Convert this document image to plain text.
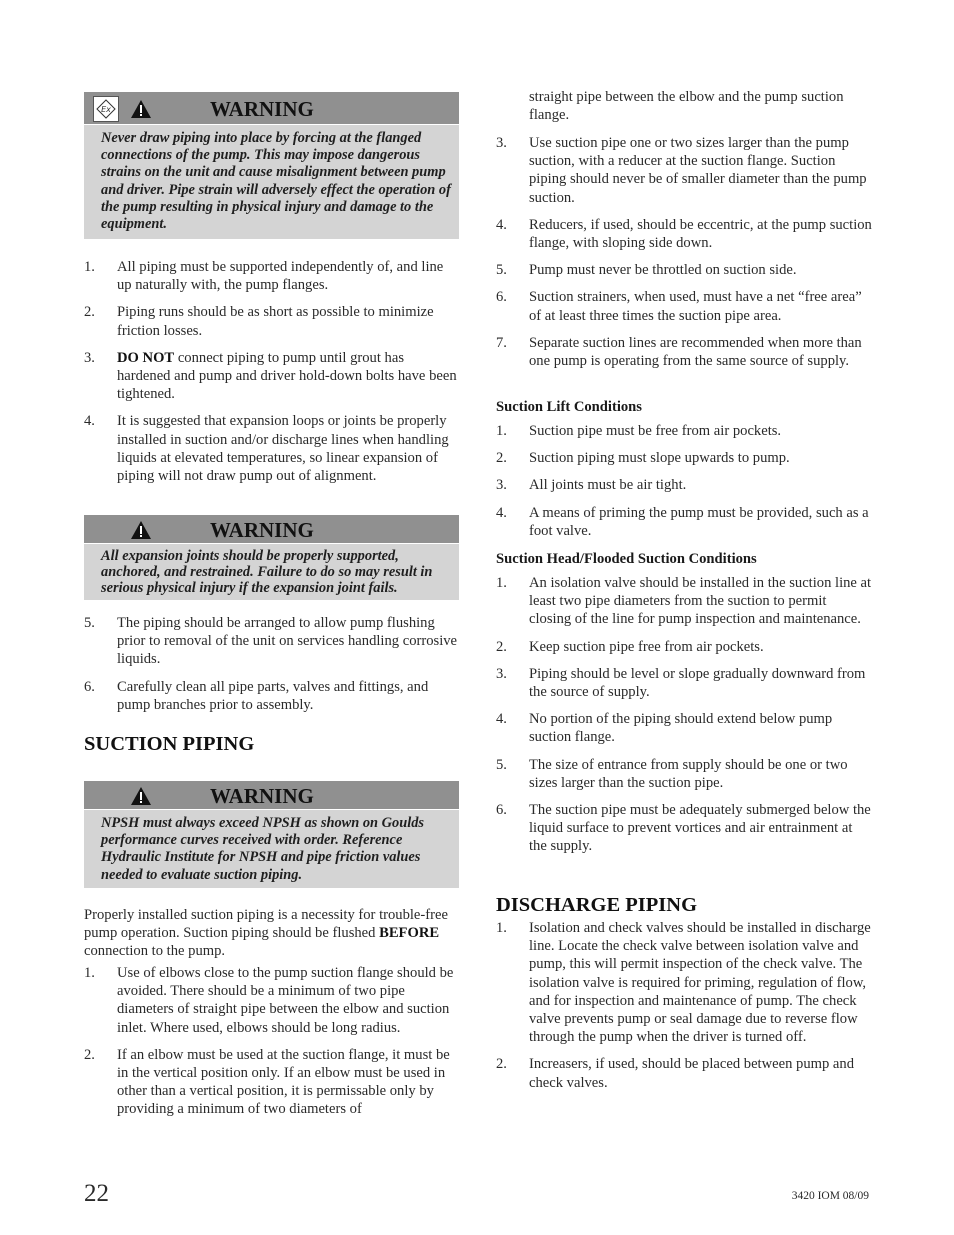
Ex	WARNING
Never draw piping into place by forcing at the flanged connections of the pump. This may impose dangerous strains on the unit and cause misalignment between pump and driver. Pipe strain will adversely effect the operation of the pump resulting in physical injury and damage to the equipment.
1. All piping must be supported independently of, and line up naturally with, the pump flanges.
2. Piping runs should be as short as possible to minimize friction losses.
3. DO NOT connect piping to pump until grout has hardened and pump and driver hold-down bolts have been tightened.
4. It is suggested that expansion loops or joints be properly installed in suction and/or discharge lines when handling liquids at elevated temperatures, so linear expansion of piping will not draw pump out of alignment.
WARNING
All expansion joints should be properly supported, anchored, and restrained. Failure to do so may result in serious physical injury if the expansion joint fails.
5. The piping should be arranged to allow pump flushing prior to removal of the unit on services handling corrosive liquids.
6. Carefully clean all pipe parts, valves and fittings, and pump branches prior to assembly.
SUCTION PIPING
WARNING
NPSH must always exceed NPSH as shown on Goulds performance curves received with order. Reference Hydraulic Institute for NPSH and pipe friction values needed to evaluate suction piping.

Properly installed suction piping is a necessity for trouble-free pump operation. Suction piping should be flushed BEFORE connection to the pump.

1. Use of elbows close to the pump suction flange should be avoided. There should be a minimum of two pipe diameters of straight pipe between the elbow and suction inlet. Where used, elbows should be long radius.
2. If an elbow must be used at the suction flange, it must be in the vertical position only. If an elbow must be used in other than a vertical position, it is permissable only by providing a minimum of two diameters of

straight pipe between the elbow and the pump suction flange.

3. Use suction pipe one or two sizes larger than the pump suction, with a reducer at the suction flange. Suction piping should never be of smaller diameter than the pump suction.
4. Reducers, if used, should be eccentric, at the pump suction flange, with sloping side down.
5. Pump must never be throttled on suction side.
6. Suction strainers, when used, must have a net “free area” of at least three times the suction pipe area.
7. Separate suction lines are recommended when more than one pump is operating from the same source of supply.
Suction Lift Conditions
1. Suction pipe must be free from air pockets.
2. Suction piping must slope upwards to pump.
3. All joints must be air tight.
4. A means of priming the pump must be provided, such as a foot valve.
Suction Head/Flooded Suction Conditions
1. An isolation valve should be installed in the suction line at least two pipe diameters from the suction to permit closing of the line for pump inspection and maintenance.
2. Keep suction pipe free from air pockets.
3. Piping should be level or slope gradually downward from the source of supply.
4. No portion of the piping should extend below pump suction flange.
5. The size of entrance from supply should be one or two sizes larger than the suction pipe.
6. The suction pipe must be adequately submerged below the liquid surface to prevent vortices and air entrainment at the supply.
DISCHARGE PIPING
1. Isolation and check valves should be installed in discharge line. Locate the check valve between isolation valve and pump, this will permit inspection of the check valve. The isolation valve is required for priming, regulation of flow, and for inspection and maintenance of pump. The check valve prevents pump or seal damage due to reverse flow through the pump when the driver is turned off.
2. Increasers, if used, should be placed between pump and check valves.
22	3420 IOM 08/09
